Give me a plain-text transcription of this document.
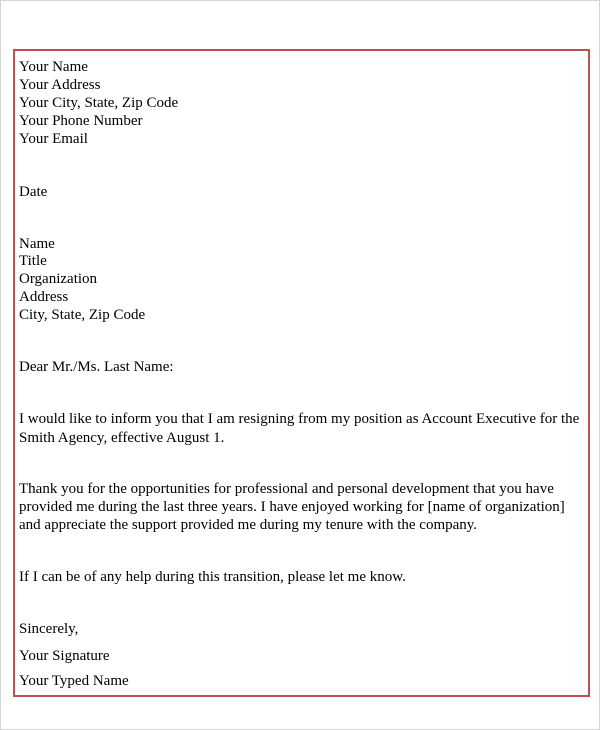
Your Name

Your Address

Your City, State, Zip Code

Your Phone Number

Your Email

Date

Name

Title

Organization

Address

City, State, Zip Code

Dear Mr./Ms. Last Name:

I would like to inform you that I am resigning from my position as Account Executive for the

Smith Agency, effective August 1.

Thank you for the opportunities for professional and personal development that you have

provided me during the last three years. I have enjoyed working for [name of organization]

and appreciate the support provided me during my tenure with the company.

If I can be of any help during this transition, please let me know.

Sincerely,

Your Signature

Your Typed Name
